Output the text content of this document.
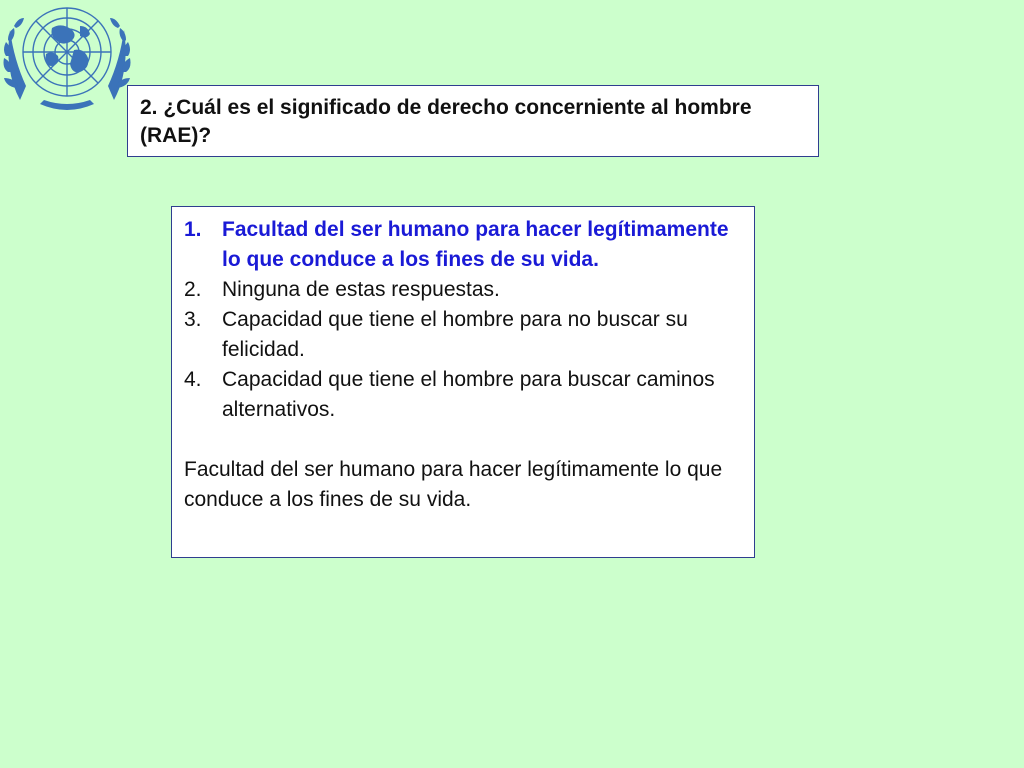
2. ¿Cuál es el significado de derecho concerniente al hombre (RAE)?

1. Facultad del ser humano para hacer legítimamente lo que conduce a los fines de su vida.
2. Ninguna de estas respuestas.
3. Capacidad que tiene el hombre para no buscar su felicidad.
4. Capacidad que tiene el hombre para buscar caminos alternativos.

Facultad del ser humano para hacer legítimamente lo que conduce a los fines de su vida.
